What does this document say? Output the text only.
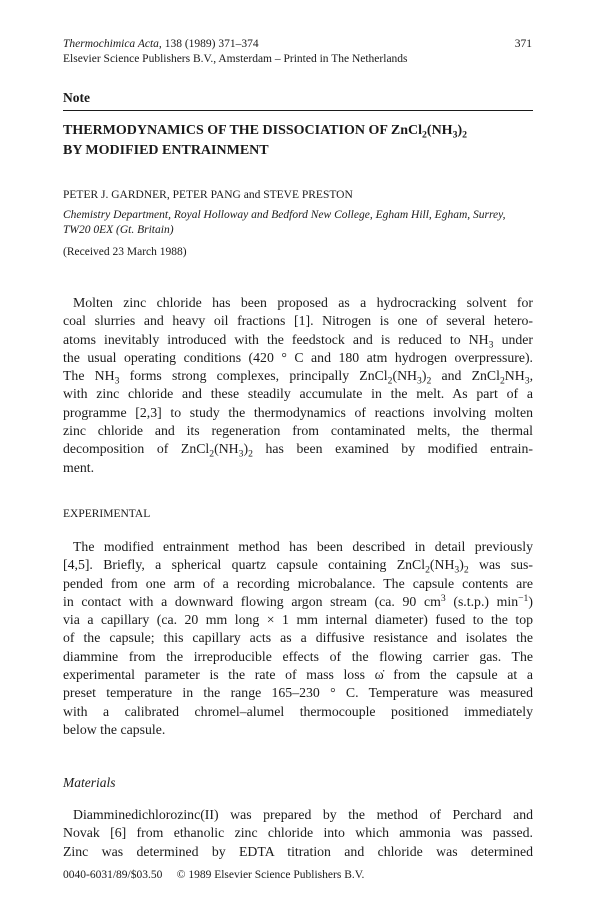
Thermochimica Acta, 138 (1989) 371–374
Elsevier Science Publishers B.V., Amsterdam – Printed in The Netherlands
371
Note
THERMODYNAMICS OF THE DISSOCIATION OF $ZnCl_2(NH_3)_2$
BY MODIFIED ENTRAINMENT
PETER J. GARDNER, PETER PANG and STEVE PRESTON
Chemistry Department, Royal Holloway and Bedford New College, Egham Hill, Egham, Surrey,
TW20 0EX (Gt. Britain)
(Received 23 March 1988)
Molten zinc chloride has been proposed as a hydrocracking solvent for
coal slurries and heavy oil fractions [1]. Nitrogen is one of several hetero-
atoms inevitably introduced with the feedstock and is reduced to $NH_3$ under
the usual operating conditions (420 ° C and 180 atm hydrogen overpressure).
The $NH_3$ forms strong complexes, principally $ZnCl_2(NH_3)_2$ and $ZnCl_2NH_3$,
with zinc chloride and these steadily accumulate in the melt. As part of a
programme [2,3] to study the thermodynamics of reactions involving molten
zinc chloride and its regeneration from contaminated melts, the thermal
decomposition of $ZnCl_2(NH_3)_2$ has been examined by modified entrain-
ment.
EXPERIMENTAL
The modified entrainment method has been described in detail previously
[4,5]. Briefly, a spherical quartz capsule containing $ZnCl_2(NH_3)_2$ was sus-
pended from one arm of a recording microbalance. The capsule contents are
in contact with a downward flowing argon stream (ca. 90 $cm^3$ (s.t.p.) $\min^{-1}$)
via a capillary (ca. 20 mm long × 1 mm internal diameter) fused to the top
of the capsule; this capillary acts as a diffusive resistance and isolates the
diammine from the irreproducible effects of the flowing carrier gas. The
experimental parameter is the rate of mass loss ω̇ from the capsule at a
preset temperature in the range 165–230 ° C. Temperature was measured
with a calibrated chromel–alumel thermocouple positioned immediately
below the capsule.
Materials
Diamminedichlorozinc(II) was prepared by the method of Perchard and
Novak [6] from ethanolic zinc chloride into which ammonia was passed.
Zinc was determined by EDTA titration and chloride was determined
0040-6031/89/$03.50     © 1989 Elsevier Science Publishers B.V.
